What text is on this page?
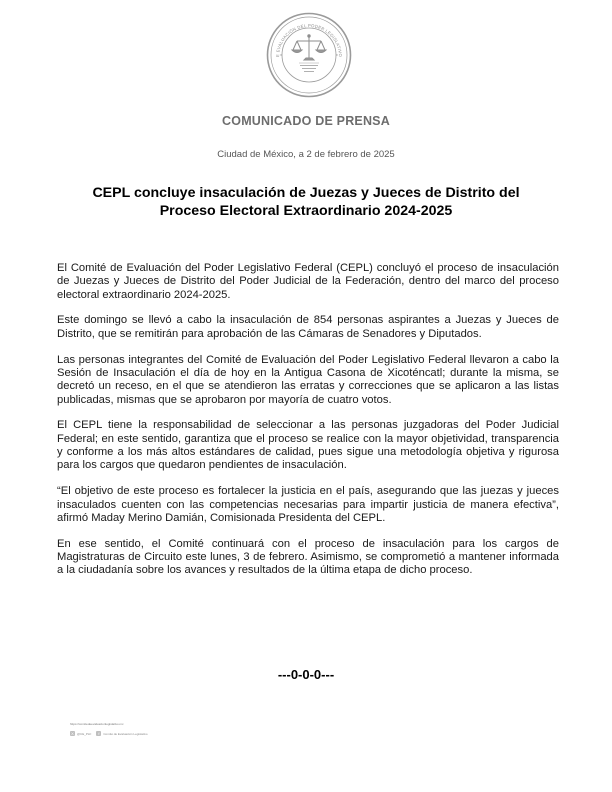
E EVALUACIÓN DEL PODER LEGISLATIVO
COMUNICADO DE PRENSA
Ciudad de México, a 2 de febrero de 2025
CEPL concluye insaculación de Juezas y Jueces de Distrito del
Proceso Electoral Extraordinario 2024-2025

El Comité de Evaluación del Poder Legislativo Federal (CEPL) concluyó el proceso de insaculación de Juezas y Jueces de Distrito del Poder Judicial de la Federación, dentro del marco del proceso electoral extraordinario 2024-2025.

Este domingo se llevó a cabo la insaculación de 854 personas aspirantes a Juezas y Jueces de Distrito, que se remitirán para aprobación de las Cámaras de Senadores y Diputados.

Las personas integrantes del Comité de Evaluación del Poder Legislativo Federal llevaron a cabo la Sesión de Insaculación el día de hoy en la Antigua Casona de Xicoténcatl; durante la misma, se decretó un receso, en el que se atendieron las erratas y correcciones que se aplicaron a las listas publicadas, mismas que se aprobaron por mayoría de cuatro votos.

El CEPL tiene la responsabilidad de seleccionar a las personas juzgadoras del Poder Judicial Federal; en este sentido, garantiza que el proceso se realice con la mayor objetividad, transparencia y conforme a los más altos estándares de calidad, pues sigue una metodología objetiva y rigurosa para los cargos que quedaron pendientes de insaculación.

“El objetivo de este proceso es fortalecer la justicia en el país, asegurando que las juezas y jueces insaculados cuenten con las competencias necesarias para impartir justicia de manera efectiva”, afirmó Maday Merino Damián, Comisionada Presidenta del CEPL.

En ese sentido, el Comité continuará con el proceso de insaculación para los cargos de Magistraturas de Circuito este lunes, 3 de febrero. Asimismo, se comprometió a mantener informada a la ciudadanía sobre los avances y resultados de la última etapa de dicho proceso.

---0-0-0---
https://comitedeevaluacionlegislativo.mx
X	@CE_PLF	f	Comité de Evaluación Legislativo
